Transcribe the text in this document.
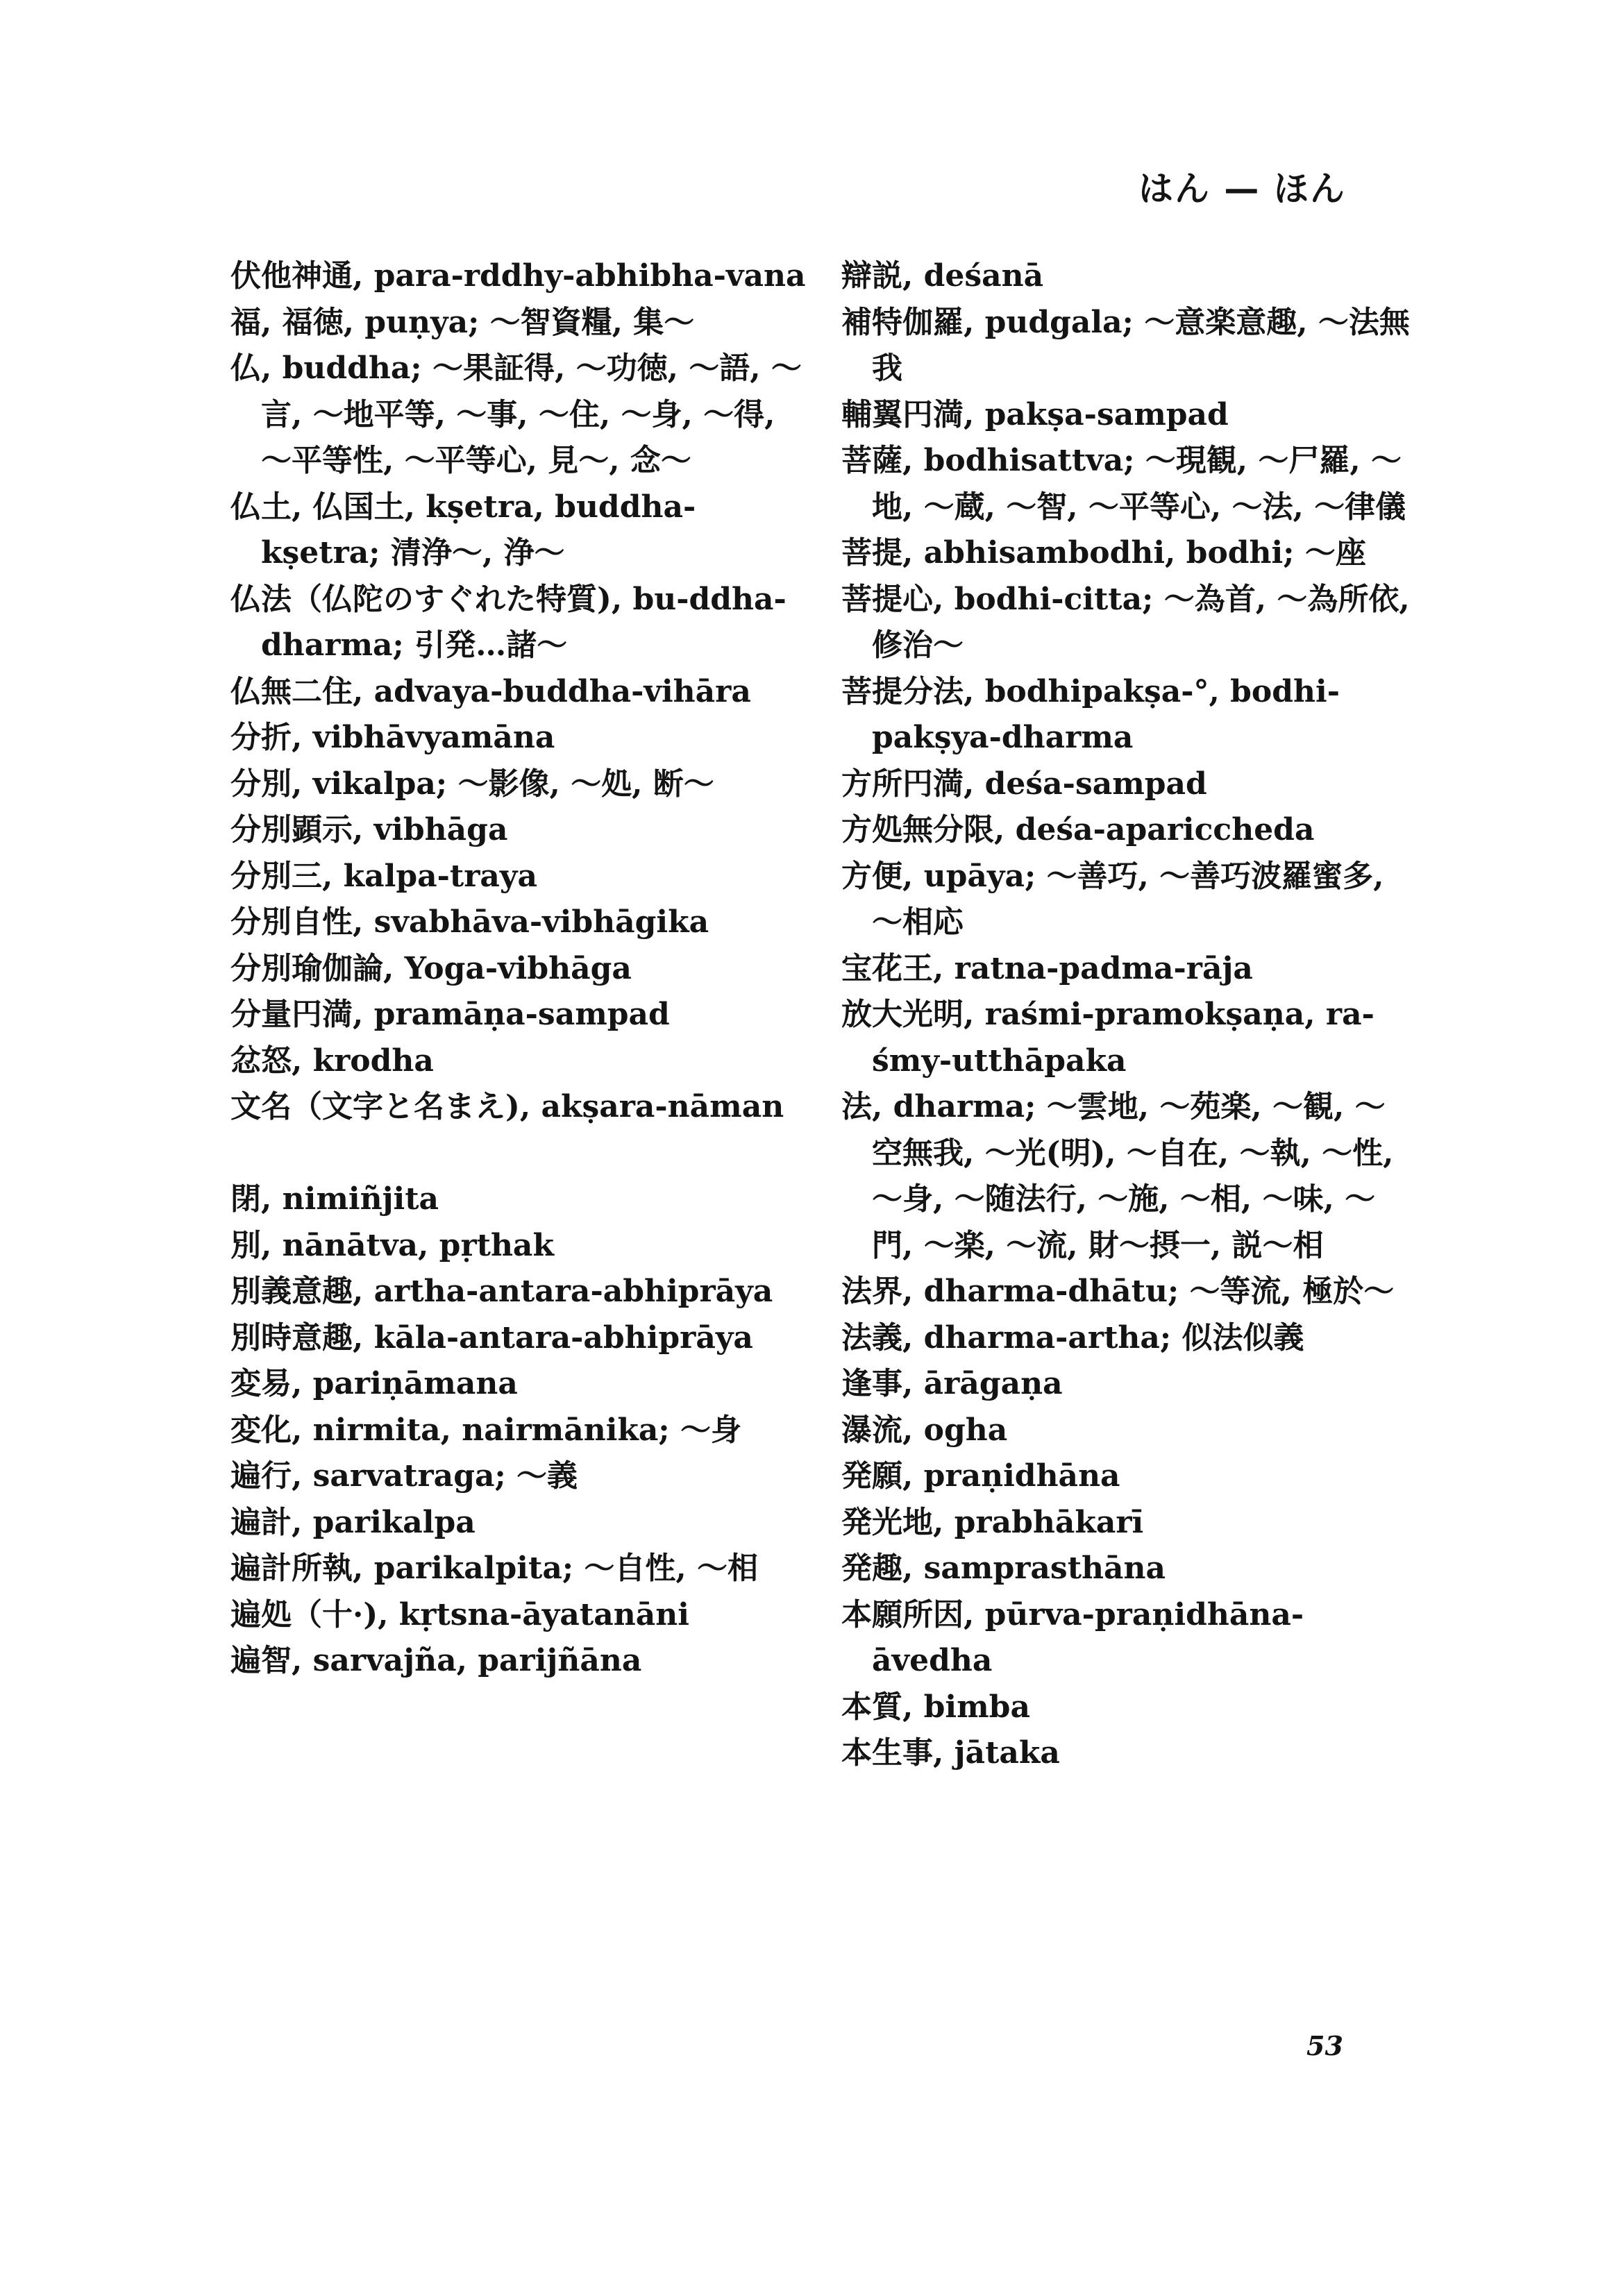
はん — ほん
伏他神通, para-rddhy-abhibha-vana
福, 福徳, puṇya; ～智資糧, 集～
仏, buddha; ～果証得, ～功徳, ～語, ～言, ～地平等, ～事, ～住, ～身, ～得, ～平等性, ～平等心, 見～, 念～
仏土, 仏国土, kṣetra, buddha-kṣetra; 清浄～, 浄～
仏法（仏陀のすぐれた特質), bu-ddha-dharma; 引発…諸～
仏無二住, advaya-buddha-vihāra
分折, vibhāvyamāna
分別, vikalpa; ～影像, ～処, 断～
分別顕示, vibhāga
分別三, kalpa-traya
分別自性, svabhāva-vibhāgika
分別瑜伽論, Yoga-vibhāga
分量円満, pramāṇa-sampad
忿怒, krodha
文名（文字と名まえ), akṣara-nāman
閉, nimiñjita
別, nānātva, pṛthak
別義意趣, artha-antara-abhiprāya
別時意趣, kāla-antara-abhiprāya
変易, pariṇāmana
変化, nirmita, nairmānika; ～身
遍行, sarvatraga; ～義
遍計, parikalpa
遍計所執, parikalpita; ～自性, ～相
遍処（十·), kṛtsna-āyatanāni
遍智, sarvajña, parijñāna
辯説, deśanā
補特伽羅, pudgala; ～意楽意趣, ～法無我
輔翼円満, pakṣa-sampad
菩薩, bodhisattva; ～現観, ～尸羅, ～地, ～蔵, ～智, ～平等心, ～法, ～律儀
菩提, abhisambodhi, bodhi; ～座
菩提心, bodhi-citta; ～為首, ～為所依, 修治～
菩提分法, bodhipakṣa-°, bodhi-pakṣya-dharma
方所円満, deśa-sampad
方処無分限, deśa-apariccheda
方便, upāya; ～善巧, ～善巧波羅蜜多, ～相応
宝花王, ratna-padma-rāja
放大光明, raśmi-pramokṣaṇa, ra-śmy-utthāpaka
法, dharma; ～雲地, ～苑楽, ～観, ～空無我, ～光(明), ～自在, ～執, ～性, ～身, ～随法行, ～施, ～相, ～味, ～門, ～楽, ～流, 財～摂一, 説～相
法界, dharma-dhātu; ～等流, 極於～
法義, dharma-artha; 似法似義
逢事, ārāgaṇa
瀑流, ogha
発願, praṇidhāna
発光地, prabhākarī
発趣, samprasthāna
本願所因, pūrva-praṇidhāna-āvedha
本質, bimba
本生事, jātaka
53
